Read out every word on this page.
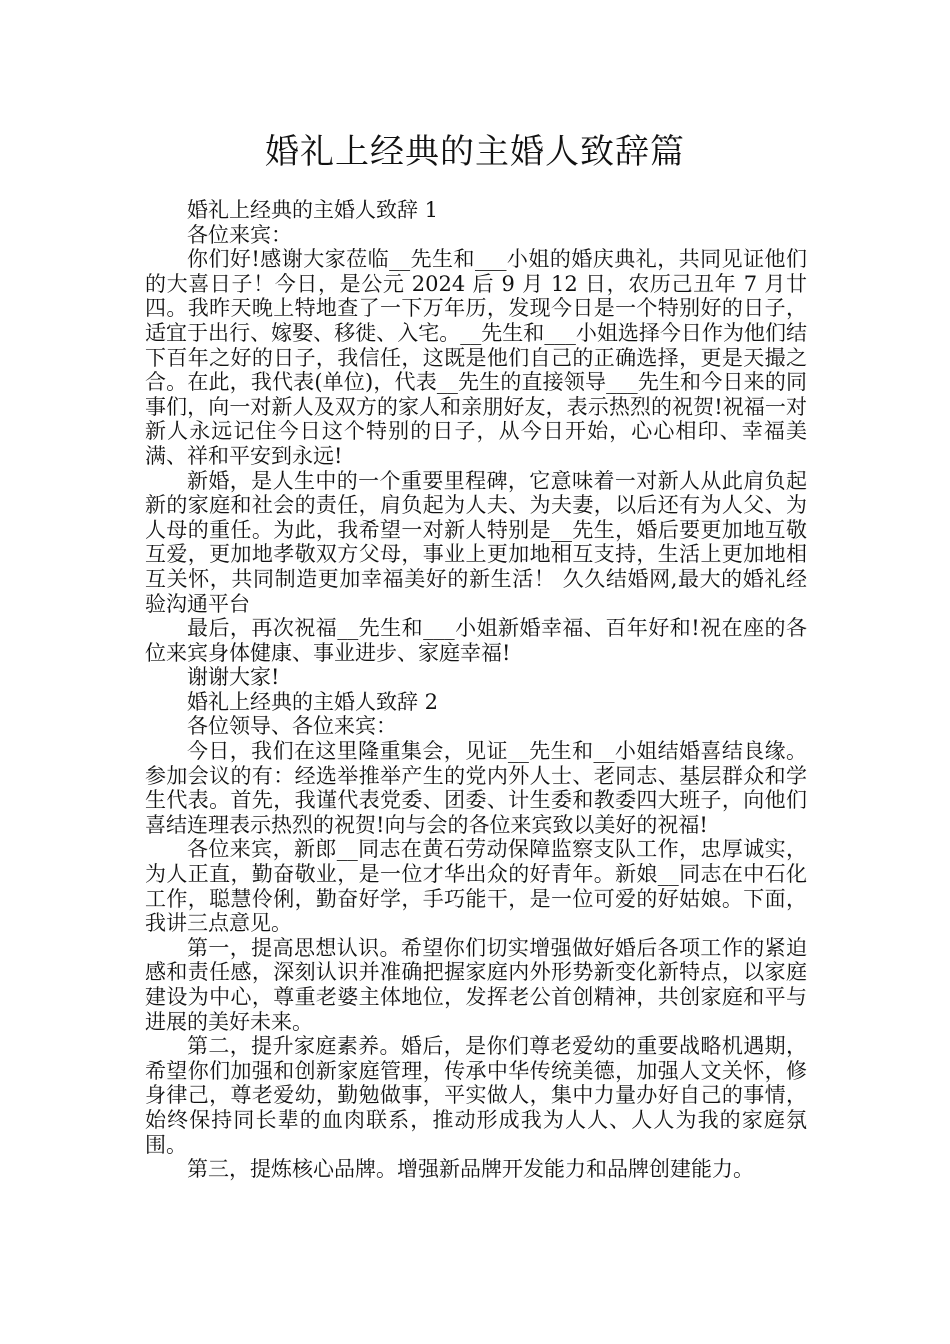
婚礼上经典的主婚人致辞篇

婚礼上经典的主婚人致辞 1

各位来宾：

你们好!感谢大家莅临__先生和___小姐的婚庆典礼，共同见证他们的大喜日子！今日，是公元 2024 后 9 月 12 日，农历己丑年 7 月廿四。我昨天晚上特地查了一下万年历，发现今日是一个特别好的日子，适宜于出行、嫁娶、移徙、入宅。__先生和___小姐选择今日作为他们结下百年之好的日子，我信任，这既是他们自己的正确选择，更是天撮之合。在此，我代表(单位)，代表__先生的直接领导___先生和今日来的同事们，向一对新人及双方的家人和亲朋好友，表示热烈的祝贺!祝福一对新人永远记住今日这个特别的日子，从今日开始，心心相印、幸福美满、祥和平安到永远!

新婚，是人生中的一个重要里程碑，它意味着一对新人从此肩负起新的家庭和社会的责任，肩负起为人夫、为夫妻，以后还有为人父、为人母的重任。为此，我希望一对新人特别是__先生，婚后要更加地互敬互爱，更加地孝敬双方父母，事业上更加地相互支持，生活上更加地相互关怀，共同制造更加幸福美好的新生活！ 久久结婚网,最大的婚礼经验沟通平台

最后，再次祝福__先生和___小姐新婚幸福、百年好和!祝在座的各位来宾身体健康、事业进步、家庭幸福!

谢谢大家!

婚礼上经典的主婚人致辞 2

各位领导、各位来宾：

今日，我们在这里隆重集会，见证__先生和__小姐结婚喜结良缘。参加会议的有：经选举推举产生的党内外人士、老同志、基层群众和学生代表。首先，我谨代表党委、团委、计生委和教委四大班子，向他们喜结连理表示热烈的祝贺!向与会的各位来宾致以美好的祝福!

各位来宾，新郎__同志在黄石劳动保障监察支队工作，忠厚诚实，为人正直，勤奋敬业，是一位才华出众的好青年。新娘__同志在中石化工作，聪慧伶俐，勤奋好学，手巧能干，是一位可爱的好姑娘。下面，我讲三点意见。

第一，提高思想认识。希望你们切实增强做好婚后各项工作的紧迫感和责任感，深刻认识并准确把握家庭内外形势新变化新特点，以家庭建设为中心，尊重老婆主体地位，发挥老公首创精神，共创家庭和平与进展的美好未来。

第二，提升家庭素养。婚后，是你们尊老爱幼的重要战略机遇期，希望你们加强和创新家庭管理，传承中华传统美德，加强人文关怀，修身律己，尊老爱幼，勤勉做事，平实做人，集中力量办好自己的事情，始终保持同长辈的血肉联系，推动形成我为人人、人人为我的家庭氛围。

第三，提炼核心品牌。增强新品牌开发能力和品牌创建能力。
